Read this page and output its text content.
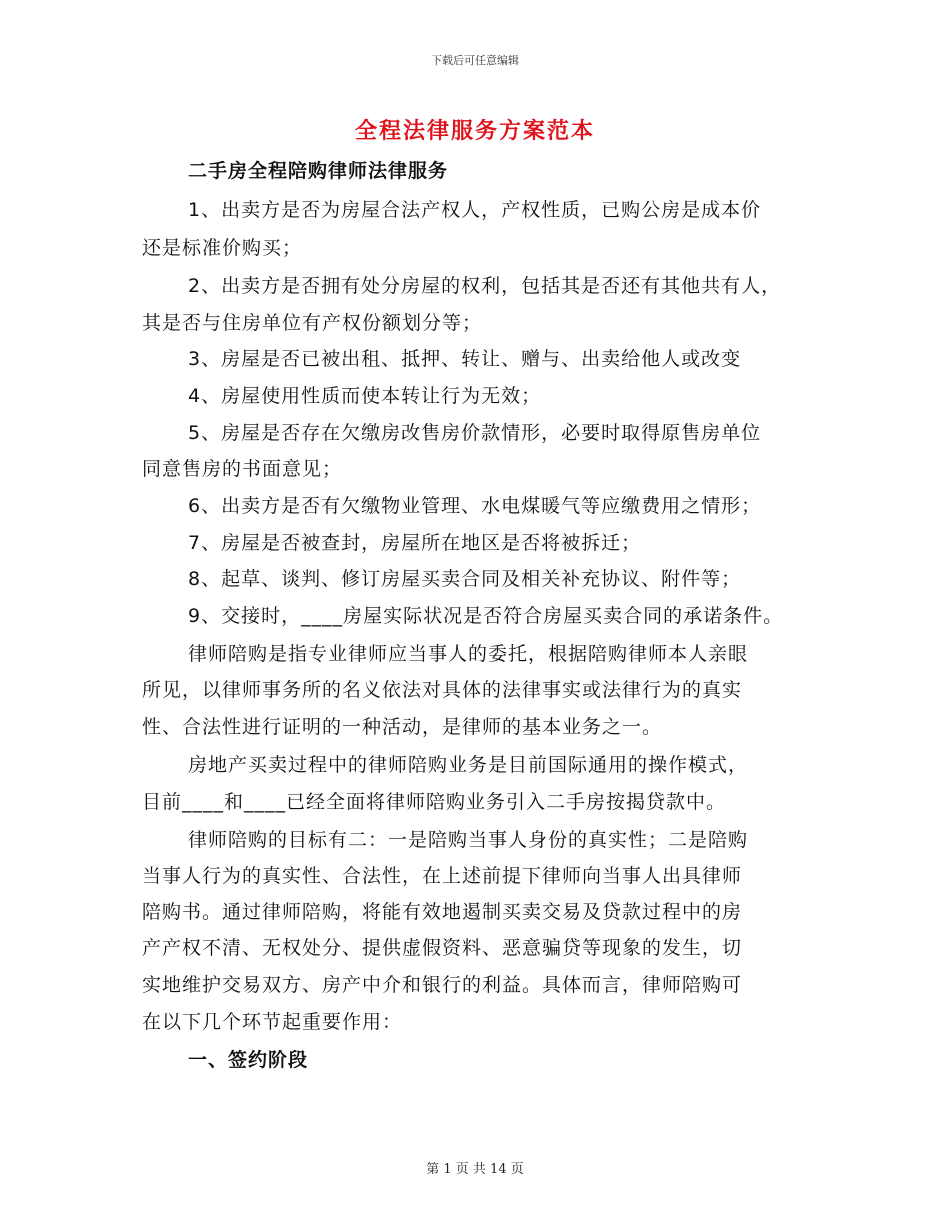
下载后可任意编辑
全程法律服务方案范本
二手房全程陪购律师法律服务
1、出卖方是否为房屋合法产权人，产权性质，已购公房是成本价
还是标准价购买；
2、出卖方是否拥有处分房屋的权利，包括其是否还有其他共有人，
其是否与住房单位有产权份额划分等；
3、房屋是否已被出租、抵押、转让、赠与、出卖给他人或改变
4、房屋使用性质而使本转让行为无效；
5、房屋是否存在欠缴房改售房价款情形，必要时取得原售房单位
同意售房的书面意见；
6、出卖方是否有欠缴物业管理、水电煤暖气等应缴费用之情形；
7、房屋是否被查封，房屋所在地区是否将被拆迁；
8、起草、谈判、修订房屋买卖合同及相关补充协议、附件等；
9、交接时，____房屋实际状况是否符合房屋买卖合同的承诺条件。
律师陪购是指专业律师应当事人的委托，根据陪购律师本人亲眼
所见，以律师事务所的名义依法对具体的法律事实或法律行为的真实
性、合法性进行证明的一种活动，是律师的基本业务之一。
房地产买卖过程中的律师陪购业务是目前国际通用的操作模式，
目前____和____已经全面将律师陪购业务引入二手房按揭贷款中。
律师陪购的目标有二：一是陪购当事人身份的真实性；二是陪购
当事人行为的真实性、合法性，在上述前提下律师向当事人出具律师
陪购书。通过律师陪购，将能有效地遏制买卖交易及贷款过程中的房
产产权不清、无权处分、提供虚假资料、恶意骗贷等现象的发生，切
实地维护交易双方、房产中介和银行的利益。具体而言，律师陪购可
在以下几个环节起重要作用：
一、签约阶段
第 1 页 共 14 页
